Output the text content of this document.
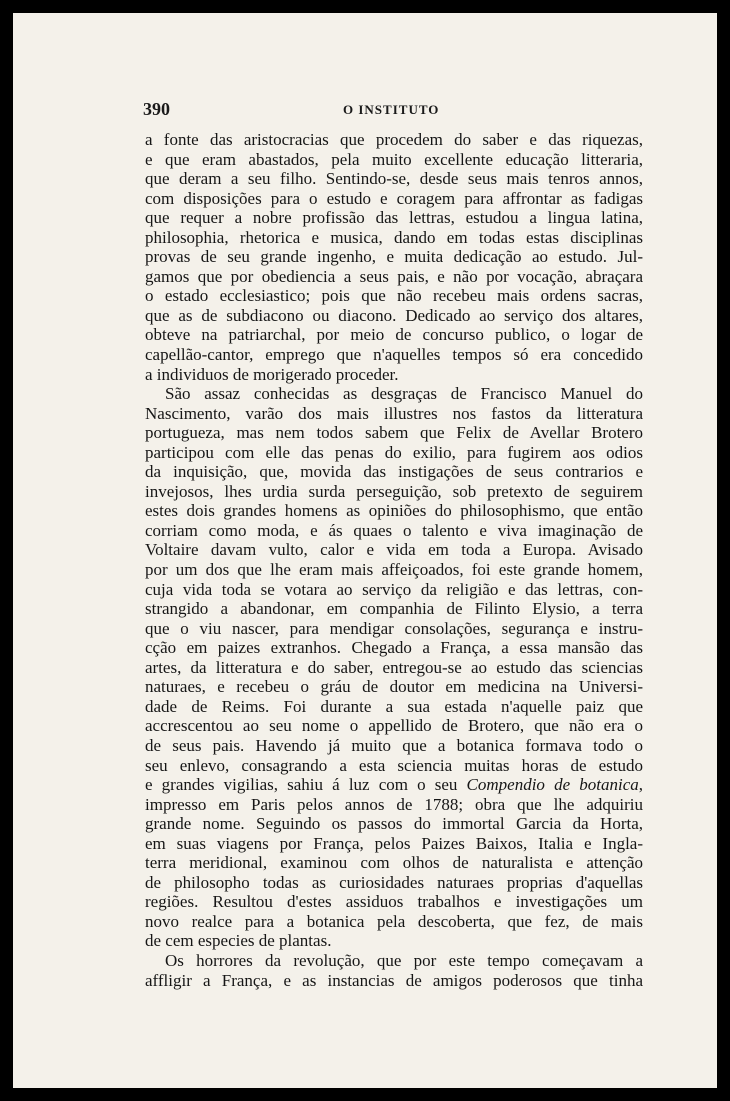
390	O INSTITUTO
a fonte das aristocracias que procedem do saber e das riquezas,
e que eram abastados, pela muito excellente educação litteraria,
que deram a seu filho. Sentindo-se, desde seus mais tenros annos,
com disposições para o estudo e coragem para affrontar as fadigas
que requer a nobre profissão das lettras, estudou a lingua latina,
philosophia, rhetorica e musica, dando em todas estas disciplinas
provas de seu grande ingenho, e muita dedicação ao estudo. Jul-
gamos que por obediencia a seus pais, e não por vocação, abraçara
o estado ecclesiastico; pois que não recebeu mais ordens sacras,
que as de subdiacono ou diacono. Dedicado ao serviço dos altares,
obteve na patriarchal, por meio de concurso publico, o logar de
capellão-cantor, emprego que n'aquelles tempos só era concedido
a individuos de morigerado proceder.
São assaz conhecidas as desgraças de Francisco Manuel do
Nascimento, varão dos mais illustres nos fastos da litteratura
portugueza, mas nem todos sabem que Felix de Avellar Brotero
participou com elle das penas do exilio, para fugirem aos odios
da inquisição, que, movida das instigações de seus contrarios e
invejosos, lhes urdia surda perseguição, sob pretexto de seguirem
estes dois grandes homens as opiniões do philosophismo, que então
corriam como moda, e ás quaes o talento e viva imaginação de
Voltaire davam vulto, calor e vida em toda a Europa. Avisado
por um dos que lhe eram mais affeiçoados, foi este grande homem,
cuja vida toda se votara ao serviço da religião e das lettras, con-
strangido a abandonar, em companhia de Filinto Elysio, a terra
que o viu nascer, para mendigar consolações, segurança e instru-
cção em paizes extranhos. Chegado a França, a essa mansão das
artes, da litteratura e do saber, entregou-se ao estudo das sciencias
naturaes, e recebeu o gráu de doutor em medicina na Universi-
dade de Reims. Foi durante a sua estada n'aquelle paiz que
accrescentou ao seu nome o appellido de Brotero, que não era o
de seus pais. Havendo já muito que a botanica formava todo o
seu enlevo, consagrando a esta sciencia muitas horas de estudo
e grandes vigilias, sahiu á luz com o seu Compendio de botanica,
impresso em Paris pelos annos de 1788; obra que lhe adquiriu
grande nome. Seguindo os passos do immortal Garcia da Horta,
em suas viagens por França, pelos Paizes Baixos, Italia e Ingla-
terra meridional, examinou com olhos de naturalista e attenção
de philosopho todas as curiosidades naturaes proprias d'aquellas
regiões. Resultou d'estes assiduos trabalhos e investigações um
novo realce para a botanica pela descoberta, que fez, de mais
de cem especies de plantas.
Os horrores da revolução, que por este tempo começavam a
affligir a França, e as instancias de amigos poderosos que tinha
